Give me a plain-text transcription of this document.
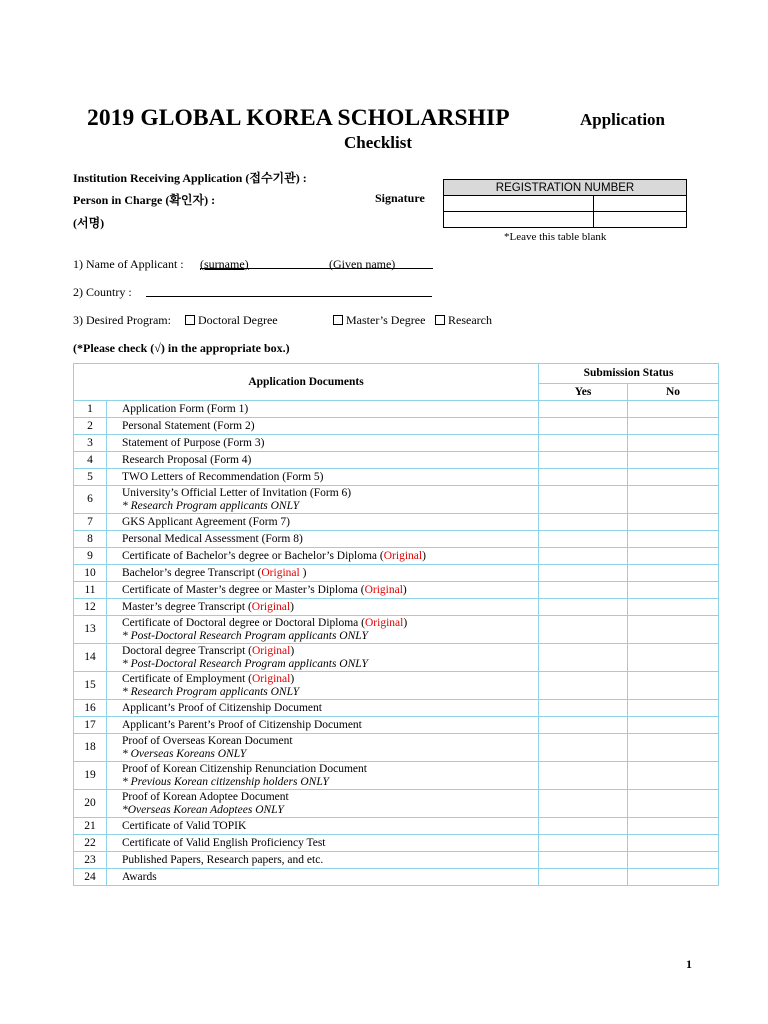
2019 GLOBAL KOREA SCHOLARSHIP	Application
Checklist
Institution Receiving Application (접수기관) :
Person in Charge (확인자) :	Signature
(서명)
REGISTRATION NUMBER	

*Leave this table blank
1) Name of Applicant : (surname)	(Given name)
2) Country :
3) Desired Program:	Doctoral Degree	Master’s Degree	Research
(*Please check (√) in the appropriate box.)
Application Documents		Submission Status	
		Yes	No
1	Application Form (Form 1)		
2	Personal Statement (Form 2)		
3	Statement of Purpose (Form 3)		
4	Research Proposal (Form 4)		
5	TWO Letters of Recommendation (Form 5)		
6	University’s Official Letter of Invitation (Form 6)
* Research Program applicants ONLY		
7	GKS Applicant Agreement (Form 7)		
8	Personal Medical Assessment (Form 8)		
9	Certificate of Bachelor’s degree or Bachelor’s Diploma (Original)		
10	Bachelor’s degree Transcript (Original )		
11	Certificate of Master’s degree or Master’s Diploma (Original)		
12	Master’s degree Transcript (Original)		
13	Certificate of Doctoral degree or Doctoral Diploma (Original)
* Post-Doctoral Research Program applicants ONLY		
14	Doctoral degree Transcript (Original)
* Post-Doctoral Research Program applicants ONLY		
15	Certificate of Employment (Original)
* Research Program applicants ONLY		
16	Applicant’s Proof of Citizenship Document		
17	Applicant’s Parent’s Proof of Citizenship Document		
18	Proof of Overseas Korean Document
* Overseas Koreans ONLY		
19	Proof of Korean Citizenship Renunciation Document
* Previous Korean citizenship holders ONLY		
20	Proof of Korean Adoptee Document
*Overseas Korean Adoptees ONLY		
21	Certificate of Valid TOPIK		
22	Certificate of Valid English Proficiency Test		
23	Published Papers, Research papers, and etc.		
24	Awards		
1
